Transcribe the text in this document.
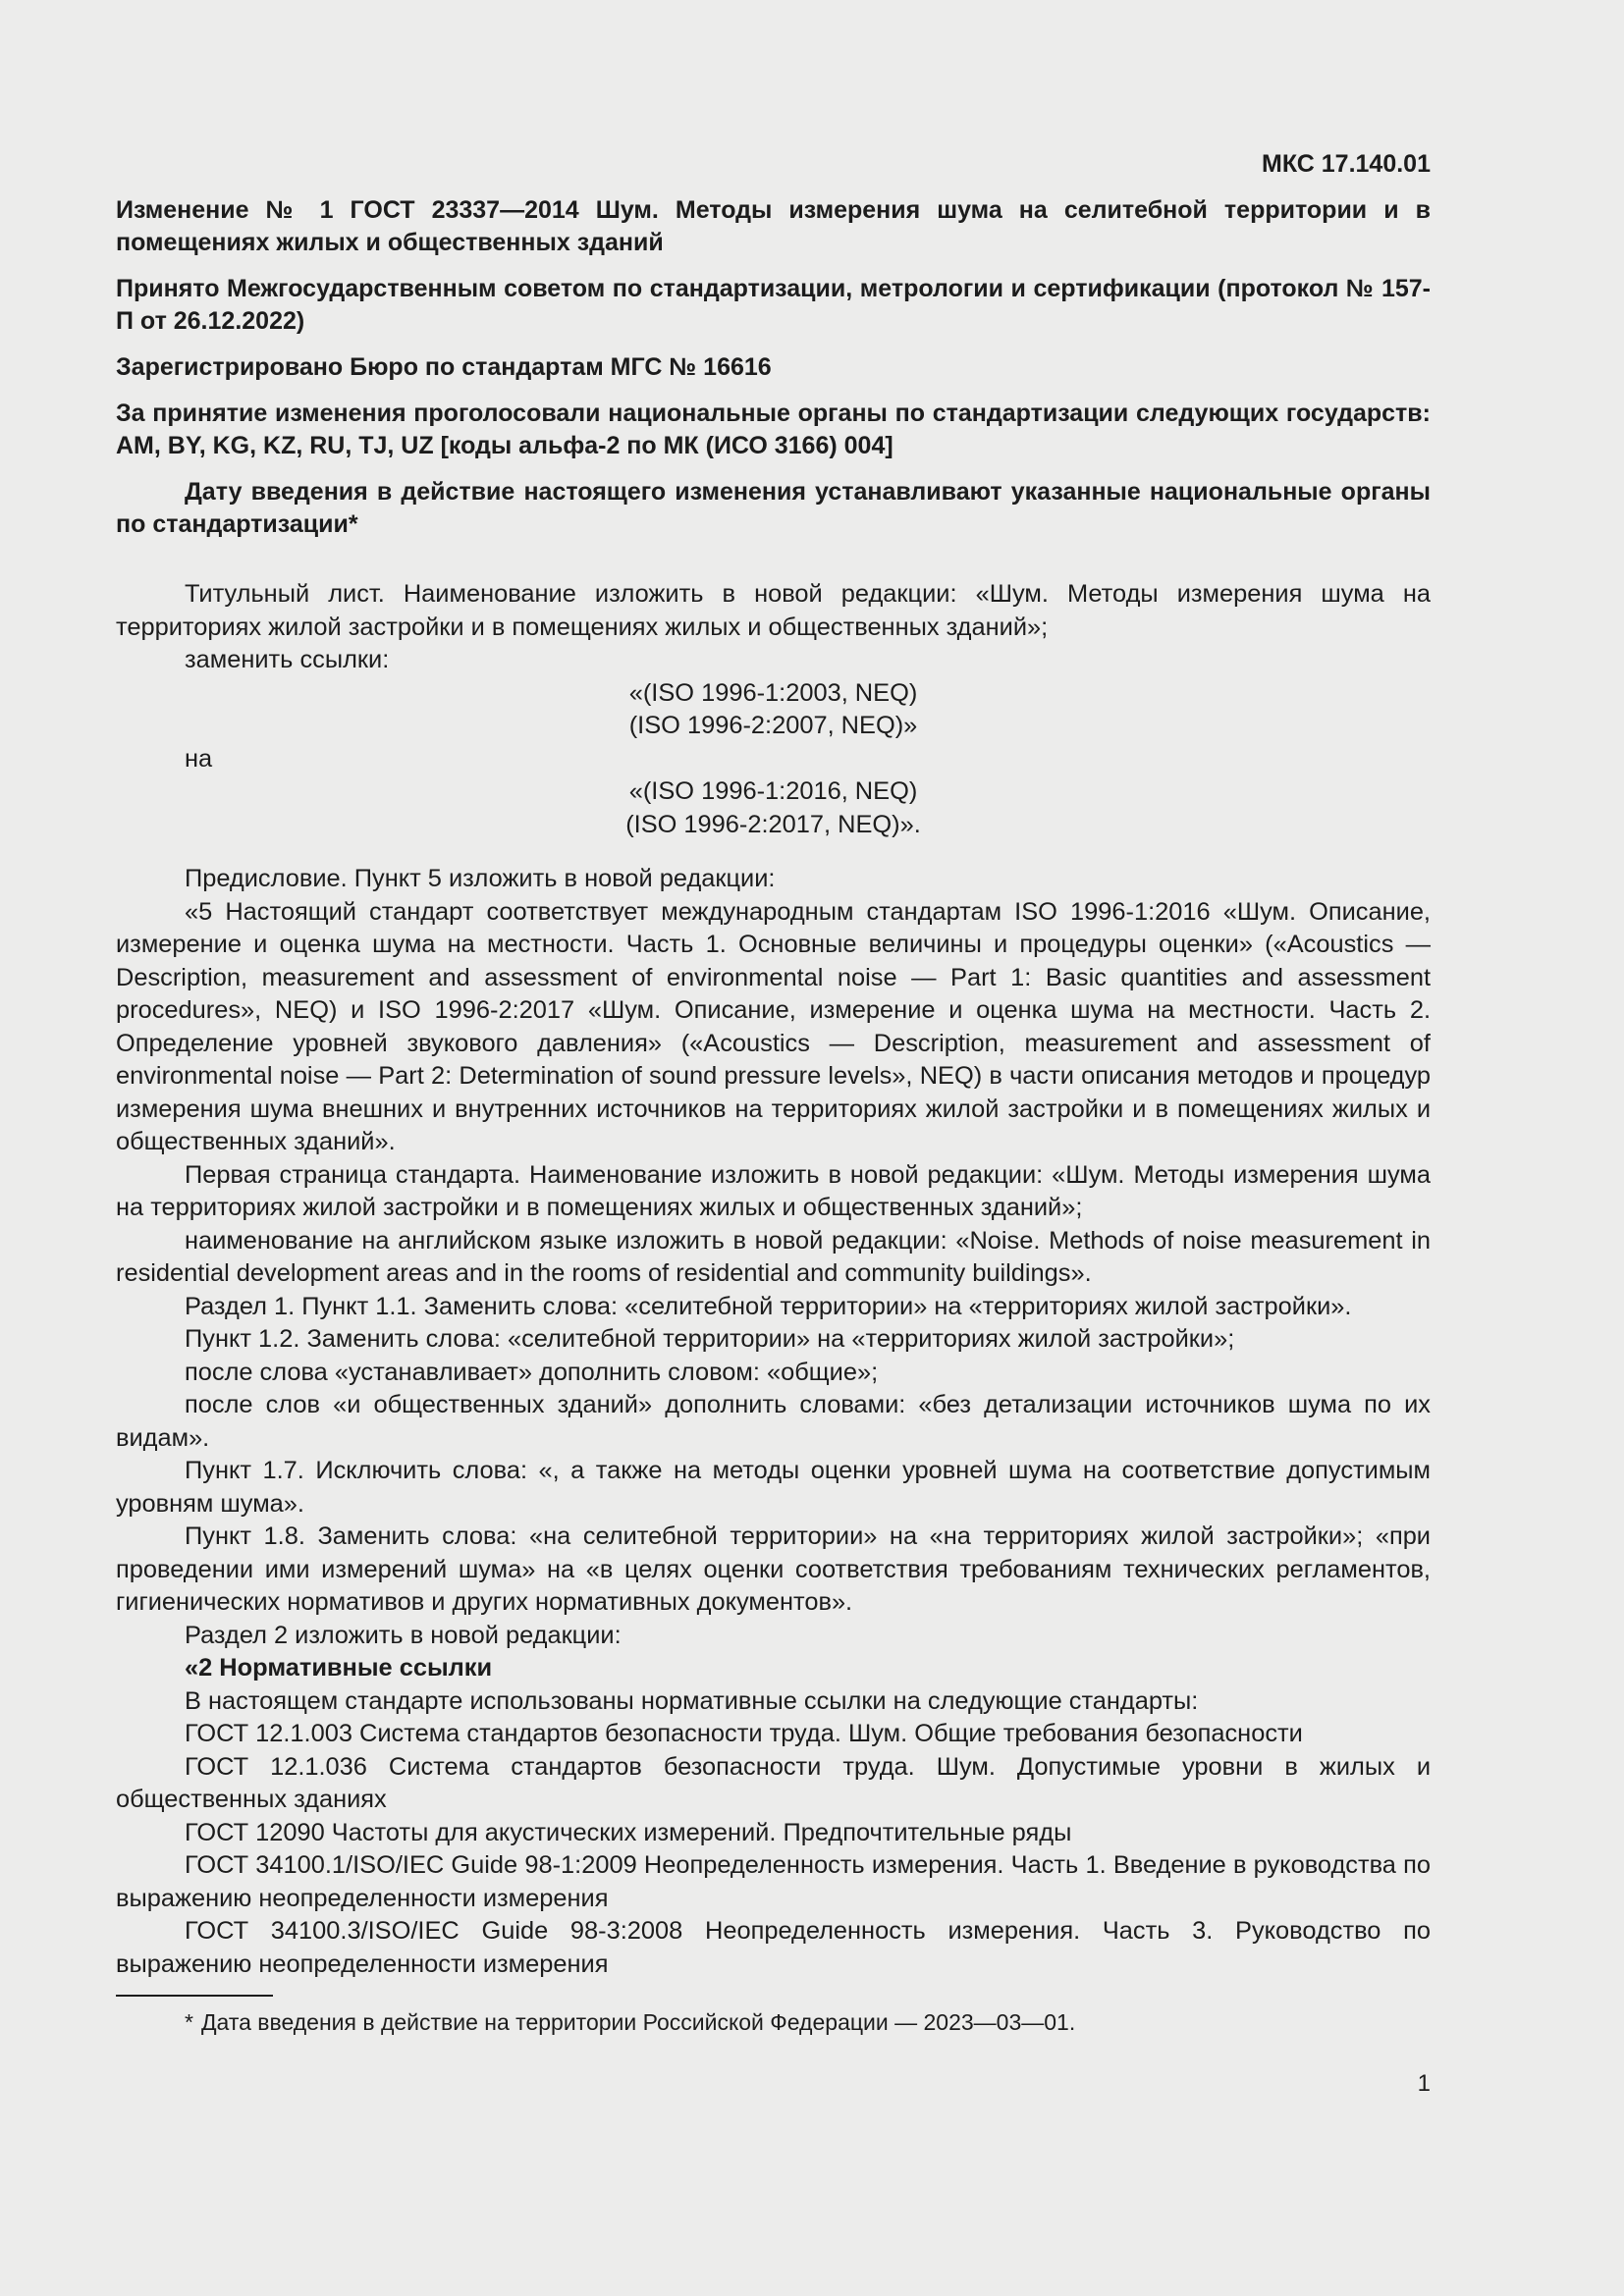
МКС 17.140.01
Изменение № 1 ГОСТ 23337—2014 Шум. Методы измерения шума на селитебной территории и в помещениях жилых и общественных зданий
Принято Межгосударственным советом по стандартизации, метрологии и сертификации (протокол № 157-П от 26.12.2022)
Зарегистрировано Бюро по стандартам МГС № 16616
За принятие изменения проголосовали национальные органы по стандартизации следующих государств: AM, BY, KG, KZ, RU, TJ, UZ [коды альфа-2 по МК (ИСО 3166) 004]
Дату введения в действие настоящего изменения устанавливают указанные национальные органы по стандартизации*

Титульный лист. Наименование изложить в новой редакции: «Шум. Методы измерения шума на территориях жилой застройки и в помещениях жилых и общественных зданий»;

заменить ссылки:

«(ISO 1996-1:2003, NEQ)

(ISO 1996-2:2007, NEQ)»

на

«(ISO 1996-1:2016, NEQ)

(ISO 1996-2:2017, NEQ)».

Предисловие. Пункт 5 изложить в новой редакции:

«5 Настоящий стандарт соответствует международным стандартам ISO 1996-1:2016 «Шум. Описание, измерение и оценка шума на местности. Часть 1. Основные величины и процедуры оценки» («Acoustics — Description, measurement and assessment of environmental noise — Part 1: Basic quantities and assessment procedures», NEQ) и ISO 1996-2:2017 «Шум. Описание, измерение и оценка шума на местности. Часть 2. Определение уровней звукового давления» («Acoustics — Description, measurement and assessment of environmental noise — Part 2: Determination of sound pressure levels», NEQ) в части описания методов и процедур измерения шума внешних и внутренних источников на территориях жилой застройки и в помещениях жилых и общественных зданий».

Первая страница стандарта. Наименование изложить в новой редакции: «Шум. Методы измерения шума на территориях жилой застройки и в помещениях жилых и общественных зданий»;

наименование на английском языке изложить в новой редакции: «Noise. Methods of noise measurement in residential development areas and in the rooms of residential and community buildings».

Раздел 1. Пункт 1.1. Заменить слова: «селитебной территории» на «территориях жилой застройки».

Пункт 1.2. Заменить слова: «селитебной территории» на «территориях жилой застройки»;

после слова «устанавливает» дополнить словом: «общие»;

после слов «и общественных зданий» дополнить словами: «без детализации источников шума по их видам».

Пункт 1.7. Исключить слова: «, а также на методы оценки уровней шума на соответствие допустимым уровням шума».

Пункт 1.8. Заменить слова: «на селитебной территории» на «на территориях жилой застройки»; «при проведении ими измерений шума» на «в целях оценки соответствия требованиям технических регламентов, гигиенических нормативов и других нормативных документов».

Раздел 2 изложить в новой редакции:

«2 Нормативные ссылки

В настоящем стандарте использованы нормативные ссылки на следующие стандарты:

ГОСТ 12.1.003 Система стандартов безопасности труда. Шум. Общие требования безопасности

ГОСТ 12.1.036 Система стандартов безопасности труда. Шум. Допустимые уровни в жилых и общественных зданиях

ГОСТ 12090 Частоты для акустических измерений. Предпочтительные ряды

ГОСТ 34100.1/ISO/IEC Guide 98-1:2009 Неопределенность измерения. Часть 1. Введение в руководства по выражению неопределенности измерения

ГОСТ 34100.3/ISO/IEC Guide 98-3:2008 Неопределенность измерения. Часть 3. Руководство по выражению неопределенности измерения

* Дата введения в действие на территории Российской Федерации — 2023—03—01.

1
